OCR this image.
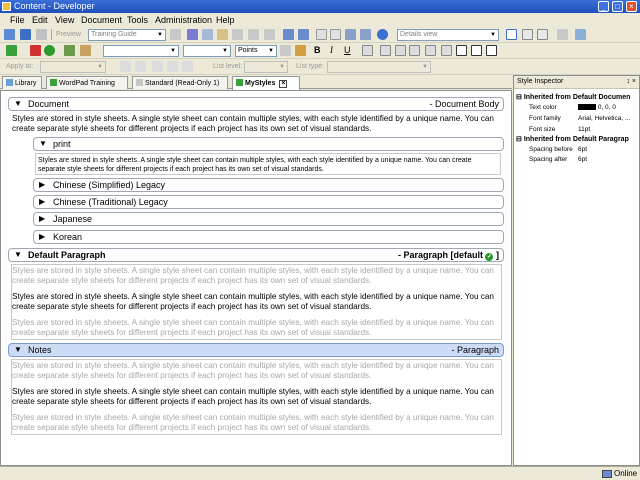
Content - Developer	_	□	×
File Edit View Document Tools Administration Help
Preview	Training Guide	▼	Details view	▼
▼	▼	Points ▼	B I U
Apply to:	▼	List level:	▼ List type:	▼
Library	WordPad Training	Standard (Read-Only 1)	MyStyles ×
▼ Document	- Document Body
Styles are stored in style sheets. A single style sheet can contain multiple styles, with each style identified by a unique name. You can create separate style sheets for different projects if each project has its own set of visual standards.
▼ print
Styles are stored in style sheets. A single style sheet can contain multiple styles, with each style identified by a unique name. You can create separate style sheets for different projects if each project has its own set of visual standards.
▶ Chinese (Simplified) Legacy
▶ Chinese (Traditional) Legacy
▶ Japanese
▶ Korean
▼ Default Paragraph	- Paragraph [default ✓ ]
Styles are stored in style sheets. A single style sheet can contain multiple styles, with each style identified by a unique name. You can create separate style sheets for different projects if each project has its own set of visual standards.
Styles are stored in style sheets. A single style sheet can contain multiple styles, with each style identified by a unique name. You can create separate style sheets for different projects if each project has its own set of visual standards.
Styles are stored in style sheets. A single style sheet can contain multiple styles, with each style identified by a unique name. You can create separate style sheets for different projects if each project has its own set of visual standards.
▼ Notes	- Paragraph
Styles are stored in style sheets. A single style sheet can contain multiple styles, with each style identified by a unique name. You can create separate style sheets for different projects if each project has its own set of visual standards.
Styles are stored in style sheets. A single style sheet can contain multiple styles, with each style identified by a unique name. You can create separate style sheets for different projects if each project has its own set of visual standards.
Styles are stored in style sheets. A single style sheet can contain multiple styles, with each style identified by a unique name. You can create separate style sheets for different projects if each project has its own set of visual standards.
Style Inspector	↕ ×
⊟ Inherited from Default Documen
Text color	0, 0, 0
Font family	Arial, Helvetica, ...
Font size	11pt
⊟ Inherited from Default Paragrap
Spacing before 6pt
Spacing after 6pt
Online
